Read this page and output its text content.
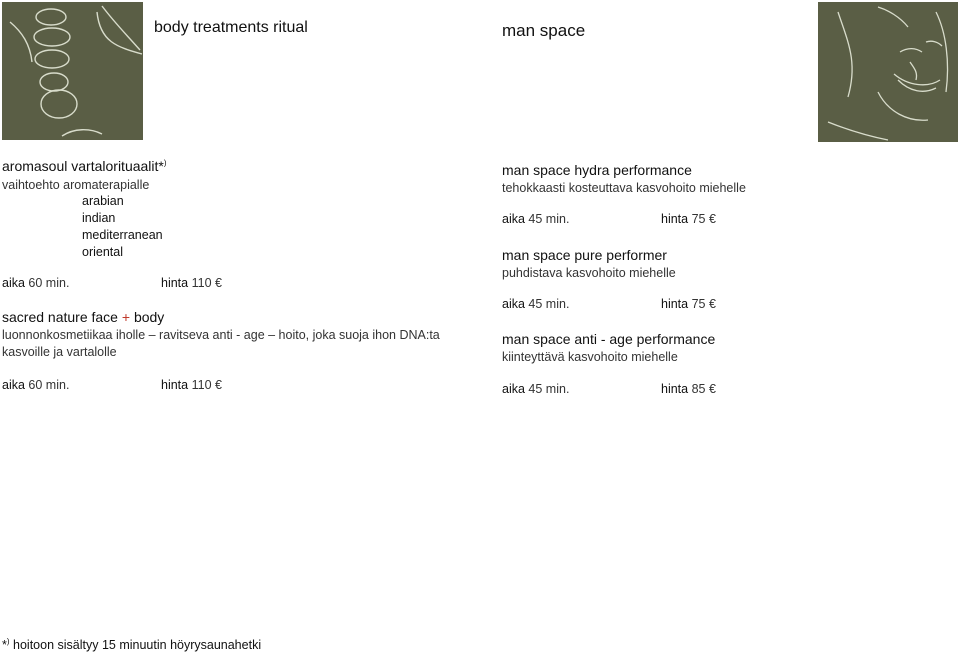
body treatments ritual	man space
aromasoul vartalorituaalit*)
vaihtoehto aromaterapialle
arabian
indian
mediterranean
oriental
aika 60 min.	hinta 110 €
sacred nature face + body
luonnonkosmetiikaa iholle – ravitseva anti - age – hoito, joka suoja ihon DNA:ta kasvoille ja vartalolle
aika 60 min.	hinta 110 €
*) hoitoon sisältyy 15 minuutin höyrysaunahetki
man space hydra performance
tehokkaasti kosteuttava kasvohoito miehelle
aika 45 min.	hinta 75 €
man space pure performer
puhdistava kasvohoito miehelle
aika 45 min.	hinta 75 €
man space anti - age performance
kiinteyttävä kasvohoito miehelle
aika 45 min.	hinta 85 €
